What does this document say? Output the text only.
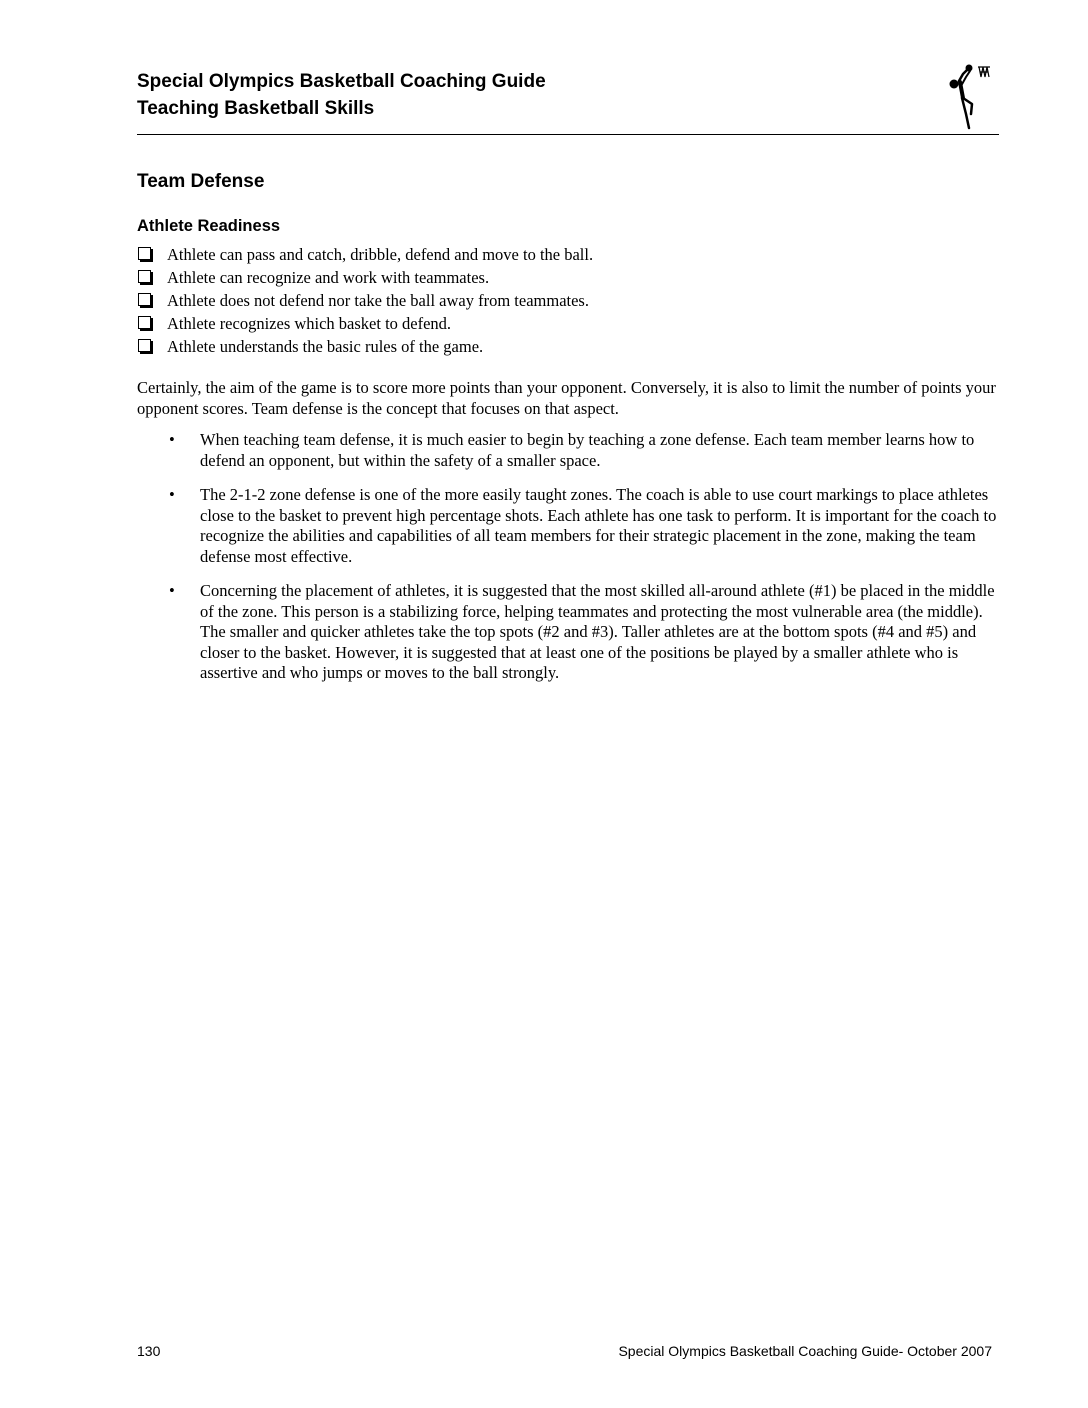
Special Olympics Basketball Coaching Guide

Teaching Basketball Skills

Team Defense
Athlete Readiness
Athlete can pass and catch, dribble, defend and move to the ball.
Athlete can recognize and work with teammates.
Athlete does not defend nor take the ball away from teammates.
Athlete recognizes which basket to defend.
Athlete understands the basic rules of the game.

Certainly, the aim of the game is to score more points than your opponent. Conversely, it is also to limit the number of points your opponent scores. Team defense is the concept that focuses on that aspect.

• When teaching team defense, it is much easier to begin by teaching a zone defense. Each team member learns how to defend an opponent, but within the safety of a smaller space.
• The 2-1-2 zone defense is one of the more easily taught zones. The coach is able to use court markings to place athletes close to the basket to prevent high percentage shots. Each athlete has one task to perform. It is important for the coach to recognize the abilities and capabilities of all team members for their strategic placement in the zone, making the team defense most effective.
• Concerning the placement of athletes, it is suggested that the most skilled all-around athlete (#1) be placed in the middle of the zone. This person is a stabilizing force, helping teammates and protecting the most vulnerable area (the middle). The smaller and quicker athletes take the top spots (#2 and #3). Taller athletes are at the bottom spots (#4 and #5) and closer to the basket. However, it is suggested that at least one of the positions be played by a smaller athlete who is assertive and who jumps or moves to the ball strongly.

130	Special Olympics Basketball Coaching Guide- October 2007
